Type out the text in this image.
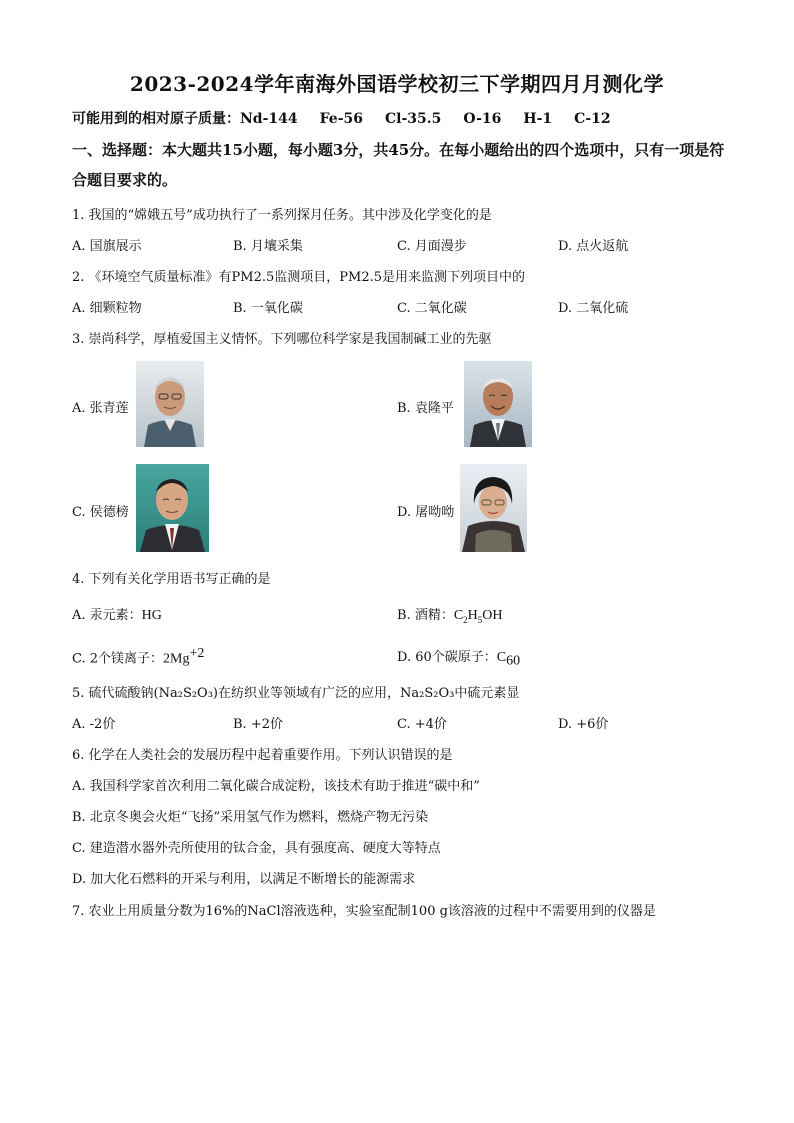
2023-2024学年南海外国语学校初三下学期四月月测化学
可能用到的相对原子质量：Nd-144 Fe-56 Cl-35.5 O-16 H-1 C-12
一、选择题：本大题共15小题，每小题3分，共45分。在每小题给出的四个选项中，只有一项是符合题目要求的。
1. 我国的“嫦娥五号”成功执行了一系列探月任务。其中涉及化学变化的是
A. 国旗展示	B. 月壤采集	C. 月面漫步	D. 点火返航
2. 《环境空气质量标准》有PM2.5监测项目，PM2.5是用来监测下列项目中的
A. 细颗粒物	B. 一氧化碳	C. 二氧化碳	D. 二氧化硫
3. 崇尚科学，厚植爱国主义情怀。下列哪位科学家是我国制碱工业的先驱
A. 张青莲	B. 袁隆平
C. 侯德榜	D. 屠呦呦
4. 下列有关化学用语书写正确的是
A. 汞元素：HG	B. 酒精：$C_2H_5OH$
C. 2个镁离子：$2Mg^{+2}$	D. 60个碳原子：$C_{60}$
5. 硫代硫酸钠(Na₂S₂O₃)在纺织业等领域有广泛的应用，Na₂S₂O₃中硫元素显
A. -2价	B. +2价	C. +4价	D. +6价
6. 化学在人类社会的发展历程中起着重要作用。下列认识错误的是
A. 我国科学家首次利用二氧化碳合成淀粉，该技术有助于推进“碳中和”
B. 北京冬奥会火炬“飞扬”采用氢气作为燃料，燃烧产物无污染
C. 建造潜水器外壳所使用的钛合金，具有强度高、硬度大等特点
D. 加大化石燃料的开采与利用，以满足不断增长的能源需求
7. 农业上用质量分数为16%的NaCl溶液选种，实验室配制100 g该溶液的过程中不需要用到的仪器是
